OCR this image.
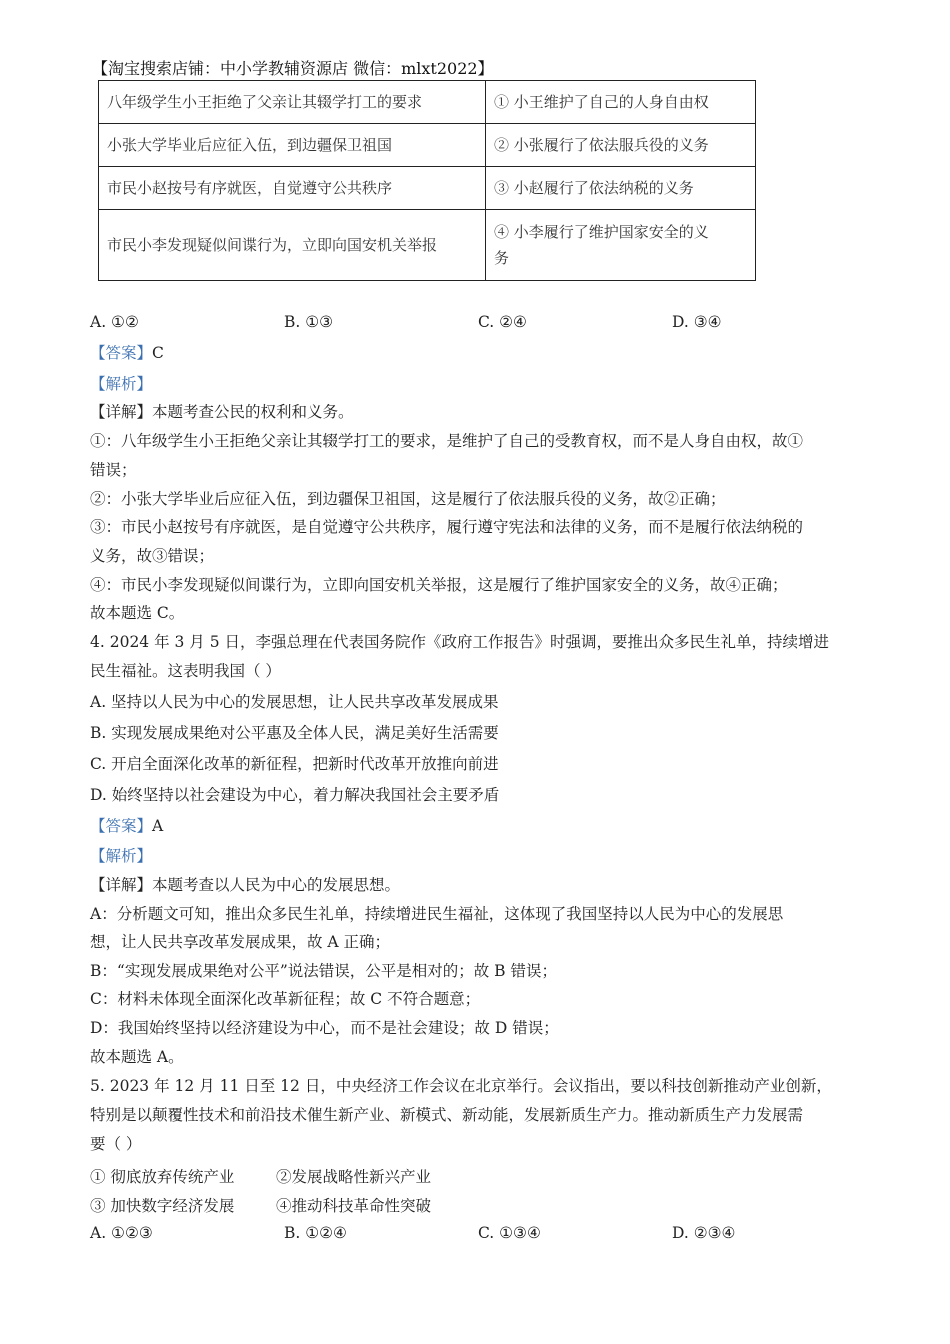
【淘宝搜索店铺：中小学教辅资源店 微信：mlxt2022】
八年级学生小王拒绝了父亲让其辍学打工的要求	① 小王维护了自己的人身自由权
小张大学毕业后应征入伍，到边疆保卫祖国	② 小张履行了依法服兵役的义务
市民小赵按号有序就医，自觉遵守公共秩序	③ 小赵履行了依法纳税的义务
市民小李发现疑似间谍行为，立即向国安机关举报	④ 小李履行了维护国家安全的义
务
A. ①②	B. ①③	C. ②④	D. ③④
【答案】C
【解析】
【详解】本题考查公民的权利和义务。
①：八年级学生小王拒绝父亲让其辍学打工的要求，是维护了自己的受教育权，而不是人身自由权，故①
错误；
②：小张大学毕业后应征入伍，到边疆保卫祖国，这是履行了依法服兵役的义务，故②正确；
③：市民小赵按号有序就医，是自觉遵守公共秩序，履行遵守宪法和法律的义务，而不是履行依法纳税的
义务，故③错误；
④：市民小李发现疑似间谍行为，立即向国安机关举报，这是履行了维护国家安全的义务，故④正确；
故本题选 C。
4. 2024 年 3 月 5 日，李强总理在代表国务院作《政府工作报告》时强调，要推出众多民生礼单，持续增进
民生福祉。这表明我国（ ）
A. 坚持以人民为中心的发展思想，让人民共享改革发展成果
B. 实现发展成果绝对公平惠及全体人民，满足美好生活需要
C. 开启全面深化改革的新征程，把新时代改革开放推向前进
D. 始终坚持以社会建设为中心，着力解决我国社会主要矛盾
【答案】A
【解析】
【详解】本题考查以人民为中心的发展思想。
A：分析题文可知，推出众多民生礼单，持续增进民生福祉，这体现了我国坚持以人民为中心的发展思
想，让人民共享改革发展成果，故 A 正确；
B：“实现发展成果绝对公平”说法错误，公平是相对的；故 B 错误；
C：材料未体现全面深化改革新征程；故 C 不符合题意；
D：我国始终坚持以经济建设为中心，而不是社会建设；故 D 错误；
故本题选 A。
5. 2023 年 12 月 11 日至 12 日，中央经济工作会议在北京举行。会议指出，要以科技创新推动产业创新，
特别是以颠覆性技术和前沿技术催生新产业、新模式、新动能，发展新质生产力。推动新质生产力发展需
要（ ）
① 彻底放弃传统产业	②发展战略性新兴产业
③ 加快数字经济发展	④推动科技革命性突破
A. ①②③	B. ①②④	C. ①③④	D. ②③④
